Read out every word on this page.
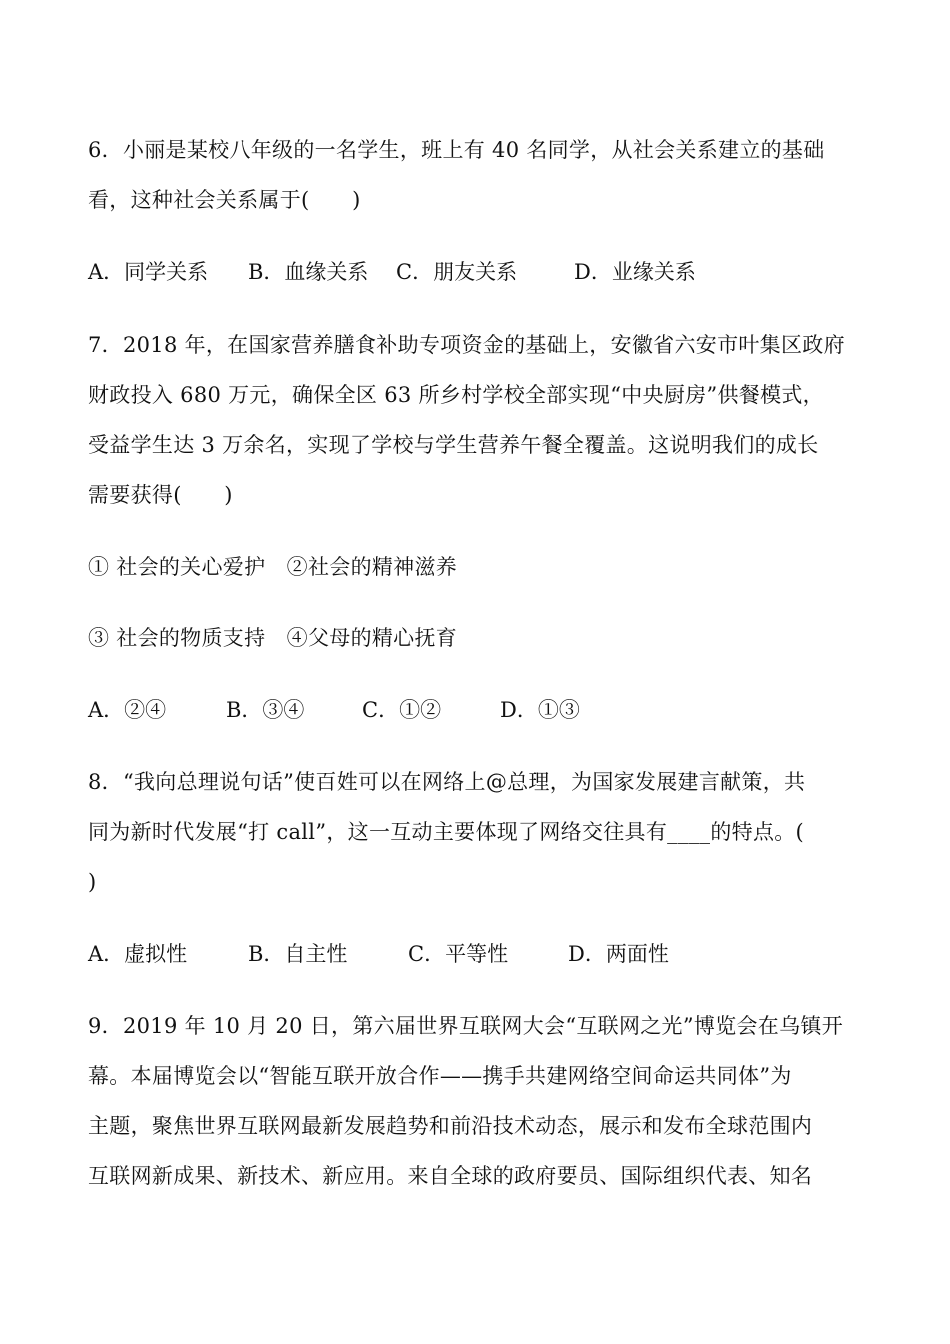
6．小丽是某校八年级的一名学生，班上有 40 名同学，从社会关系建立的基础
看，这种社会关系属于(　　)
A．同学关系 B．血缘关系 C．朋友关系	D．业缘关系
7．2018 年，在国家营养膳食补助专项资金的基础上，安徽省六安市叶集区政府
财政投入 680 万元，确保全区 63 所乡村学校全部实现“中央厨房”供餐模式，
受益学生达 3 万余名，实现了学校与学生营养午餐全覆盖。这说明我们的成长
需要获得(　　)
① 社会的关心爱护　②社会的精神滋养
③ 社会的物质支持　④父母的精心抚育
A．②④	B．③④	C．①②	D．①③
8．“我向总理说句话”使百姓可以在网络上@总理，为国家发展建言献策，共
同为新时代发展“打 call”，这一互动主要体现了网络交往具有____的特点。(
)
A．虚拟性	B．自主性	C．平等性	D．两面性
9．2019 年 10 月 20 日，第六届世界互联网大会“互联网之光”博览会在乌镇开
幕。本届博览会以“智能互联开放合作——携手共建网络空间命运共同体”为
主题，聚焦世界互联网最新发展趋势和前沿技术动态，展示和发布全球范围内
互联网新成果、新技术、新应用。来自全球的政府要员、国际组织代表、知名
